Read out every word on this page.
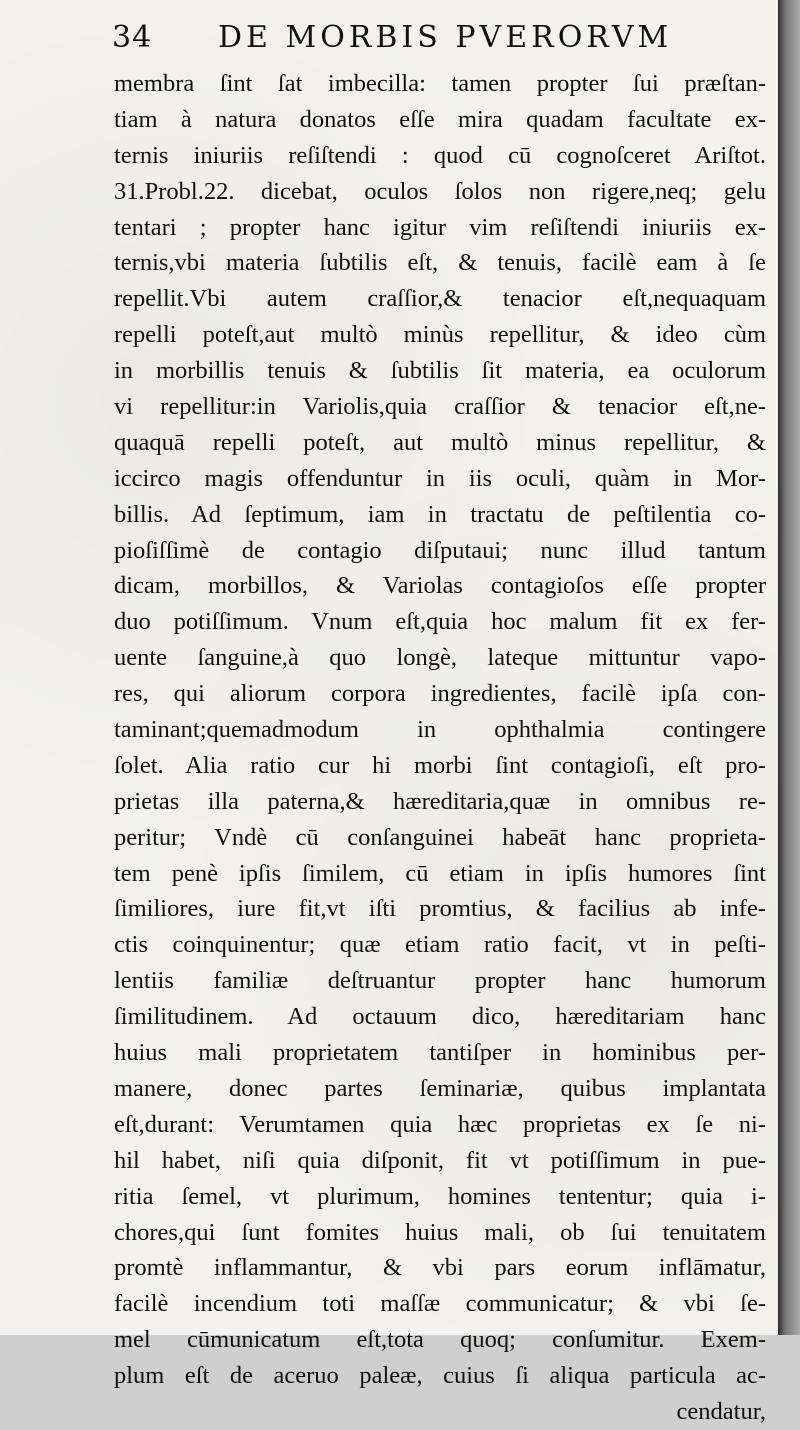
34 DE MORBIS PVERORVM
membra ſint ſat imbecilla: tamen propter ſui præſtan-
tiam à natura donatos eſſe mira quadam facultate ex-
ternis iniuriis reſiſtendi : quod cū cognoſceret Ariſtot.
31.Probl.22. dicebat, oculos ſolos non rigere,neq; gelu
tentari ; propter hanc igitur vim reſiſtendi iniuriis ex-
ternis,vbi materia ſubtilis eſt, & tenuis, facilè eam à ſe
repellit.Vbi autem craſſior,& tenacior eſt,nequaquam
repelli poteſt,aut multò minùs repellitur, & ideo cùm
in morbillis tenuis & ſubtilis ſit materia, ea oculorum
vi repellitur:in Variolis,quia craſſior & tenacior eſt,ne-
quaquā repelli poteſt, aut multò minus repellitur, &
iccirco magis offenduntur in iis oculi, quàm in Mor-
billis. Ad ſeptimum, iam in tractatu de peſtilentia co-
pioſiſſimè de contagio diſputaui; nunc illud tantum
dicam, morbillos, & Variolas contagioſos eſſe propter
duo potiſſimum. Vnum eſt,quia hoc malum fit ex fer-
uente ſanguine,à quo longè, lateque mittuntur vapo-
res, qui aliorum corpora ingredientes, facilè ipſa con-
taminant;quemadmodum in ophthalmia contingere
ſolet. Alia ratio cur hi morbi ſint contagioſi, eſt pro-
prietas illa paterna,& hæreditaria,quæ in omnibus re-
peritur; Vndè cū conſanguinei habeāt hanc proprieta-
tem penè ipſis ſimilem, cū etiam in ipſis humores ſint
ſimiliores, iure fit,vt iſti promtius, & facilius ab infe-
ctis coinquinentur; quæ etiam ratio facit, vt in peſti-
lentiis familiæ deſtruantur propter hanc humorum
ſimilitudinem. Ad octauum dico, hæreditariam hanc
huius mali proprietatem tantiſper in hominibus per-
manere, donec partes ſeminariæ, quibus implantata
eſt,durant: Verumtamen quia hæc proprietas ex ſe ni-
hil habet, niſi quia diſponit, fit vt potiſſimum in pue-
ritia ſemel, vt plurimum, homines tententur; quia i-
chores,qui ſunt fomites huius mali, ob ſui tenuitatem
promtè inflammantur, & vbi pars eorum inflāmatur,
facilè incendium toti maſſæ communicatur; & vbi ſe-
mel cūmunicatum eſt,tota quoq; conſumitur. Exem-
plum eſt de aceruo paleæ, cuius ſi aliqua particula ac-
cendatur,
